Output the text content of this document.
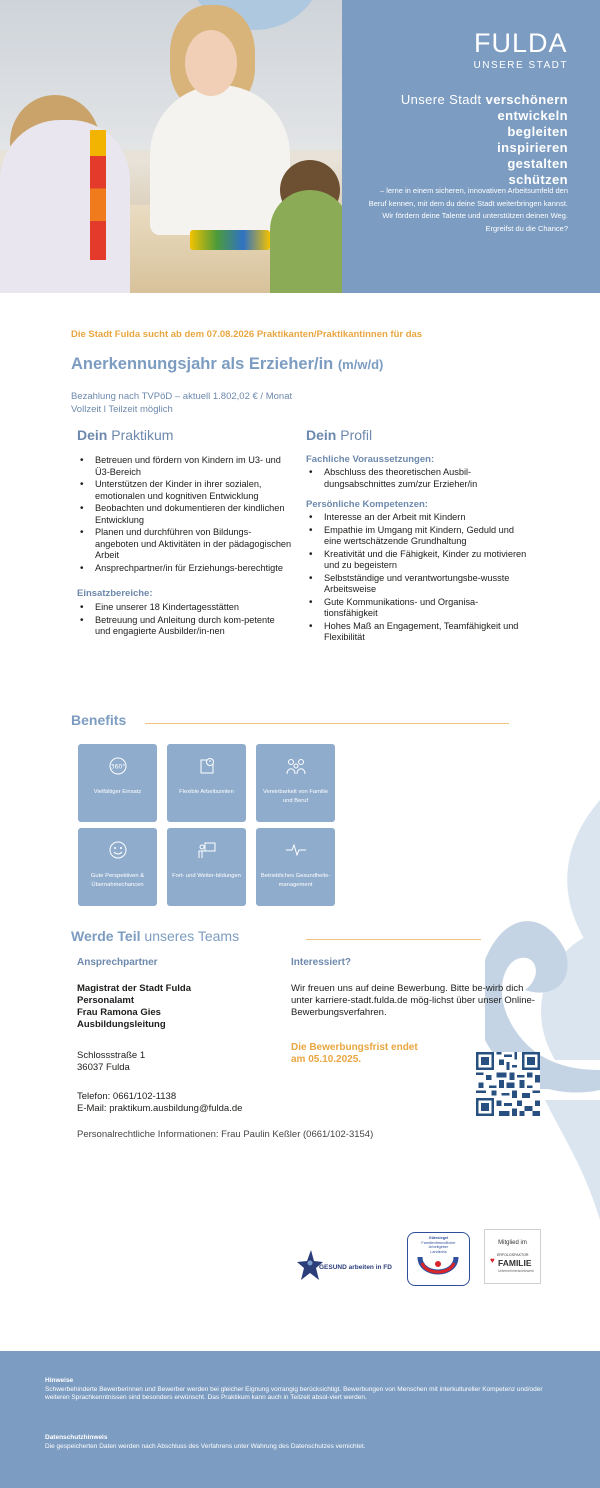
FULDA
UNSERE STADT
Unsere Stadt verschönern
entwickeln
begleiten
inspirieren
gestalten
schützen
– lerne in einem sicheren, innovativen Arbeitsumfeld den Beruf kennen, mit dem du deine Stadt weiterbringen kannst. Wir fördern deine Talente und unterstützen deinen Weg. Ergreifst du die Chance?
Die Stadt Fulda sucht ab dem 07.08.2026 Praktikanten/Praktikantinnen für das
Anerkennungsjahr als Erzieher/in (m/w/d)
Bezahlung nach TVPöD – aktuell 1.802,02 € / Monat
Vollzeit l Teilzeit möglich
Dein Praktikum
• Betreuen und fördern von Kindern im U3- und Ü3-Bereich
• Unterstützen der Kinder in ihrer sozialen, emotionalen und kognitiven Entwicklung
• Beobachten und dokumentieren der kindlichen Entwicklung
• Planen und durchführen von Bildungs-angeboten und Aktivitäten in der pädagogischen Arbeit
• Ansprechpartner/in für Erziehungs-berechtigte
Einsatzbereiche:
• Eine unserer 18 Kindertagesstätten
• Betreuung und Anleitung durch kom-petente und engagierte Ausbilder/in-nen
Dein Profil
Fachliche Voraussetzungen:
• Abschluss des theoretischen Ausbil-dungsabschnittes zum/zur Erzieher/in
Persönliche Kompetenzen:
• Interesse an der Arbeit mit Kindern
• Empathie im Umgang mit Kindern, Geduld und eine wertschätzende Grundhaltung
• Kreativität und die Fähigkeit, Kinder zu motivieren und zu begeistern
• Selbstständige und verantwortungsbe-wusste Arbeitsweise
• Gute Kommunikations- und Organisa-tionsfähigkeit
• Hohes Maß an Engagement, Teamfähigkeit und Flexibilität
Benefits
360°
Vielfältiger Einsatz	Flexible Arbeitszeiten	Vereinbarkeit von Familie und Beruf
Gute Perspektiven & Übernahmechancen
Fort- und Weiter-bildungen	Betriebliches Gesundheits-management
Werde Teil unseres Teams
Ansprechpartner
Magistrat der Stadt Fulda
Personalamt
Frau Ramona Gies
Ausbildungsleitung
Schlossstraße 1
36037 Fulda
Telefon: 0661/102-1138
E-Mail: praktikum.ausbildung@fulda.de
Personalrechtliche Informationen: Frau Paulin Keßler (0661/102-3154)
Interessiert?
Wir freuen uns auf deine Bewerbung. Bitte be-wirb dich unter karriere-stadt.fulda.de mög-lichst über unser Online-Bewerbungsverfahren.
Die Bewerbungsfrist endet
am 05.10.2025.
GESUND arbeiten in FD
Gütesiegel
Familienfreundlicher
Arbeitgeber
Landkreis
Mitglied im
ERFOLGSFAKTOR
♥ FAMILIE
Unternehmensnetzwerk
Hinweise
Schwerbehinderte Bewerberinnen und Bewerber werden bei gleicher Eignung vorrangig berücksichtigt. Bewerbungen von Menschen mit interkultureller Kompetenz und/oder weiteren Sprachkenntnissen sind besonders erwünscht. Das Praktikum kann auch in Teilzeit absol-viert werden.
Datenschutzhinweis
Die gespeicherten Daten werden nach Abschluss des Verfahrens unter Wahrung des Datenschutzes vernichtet.
